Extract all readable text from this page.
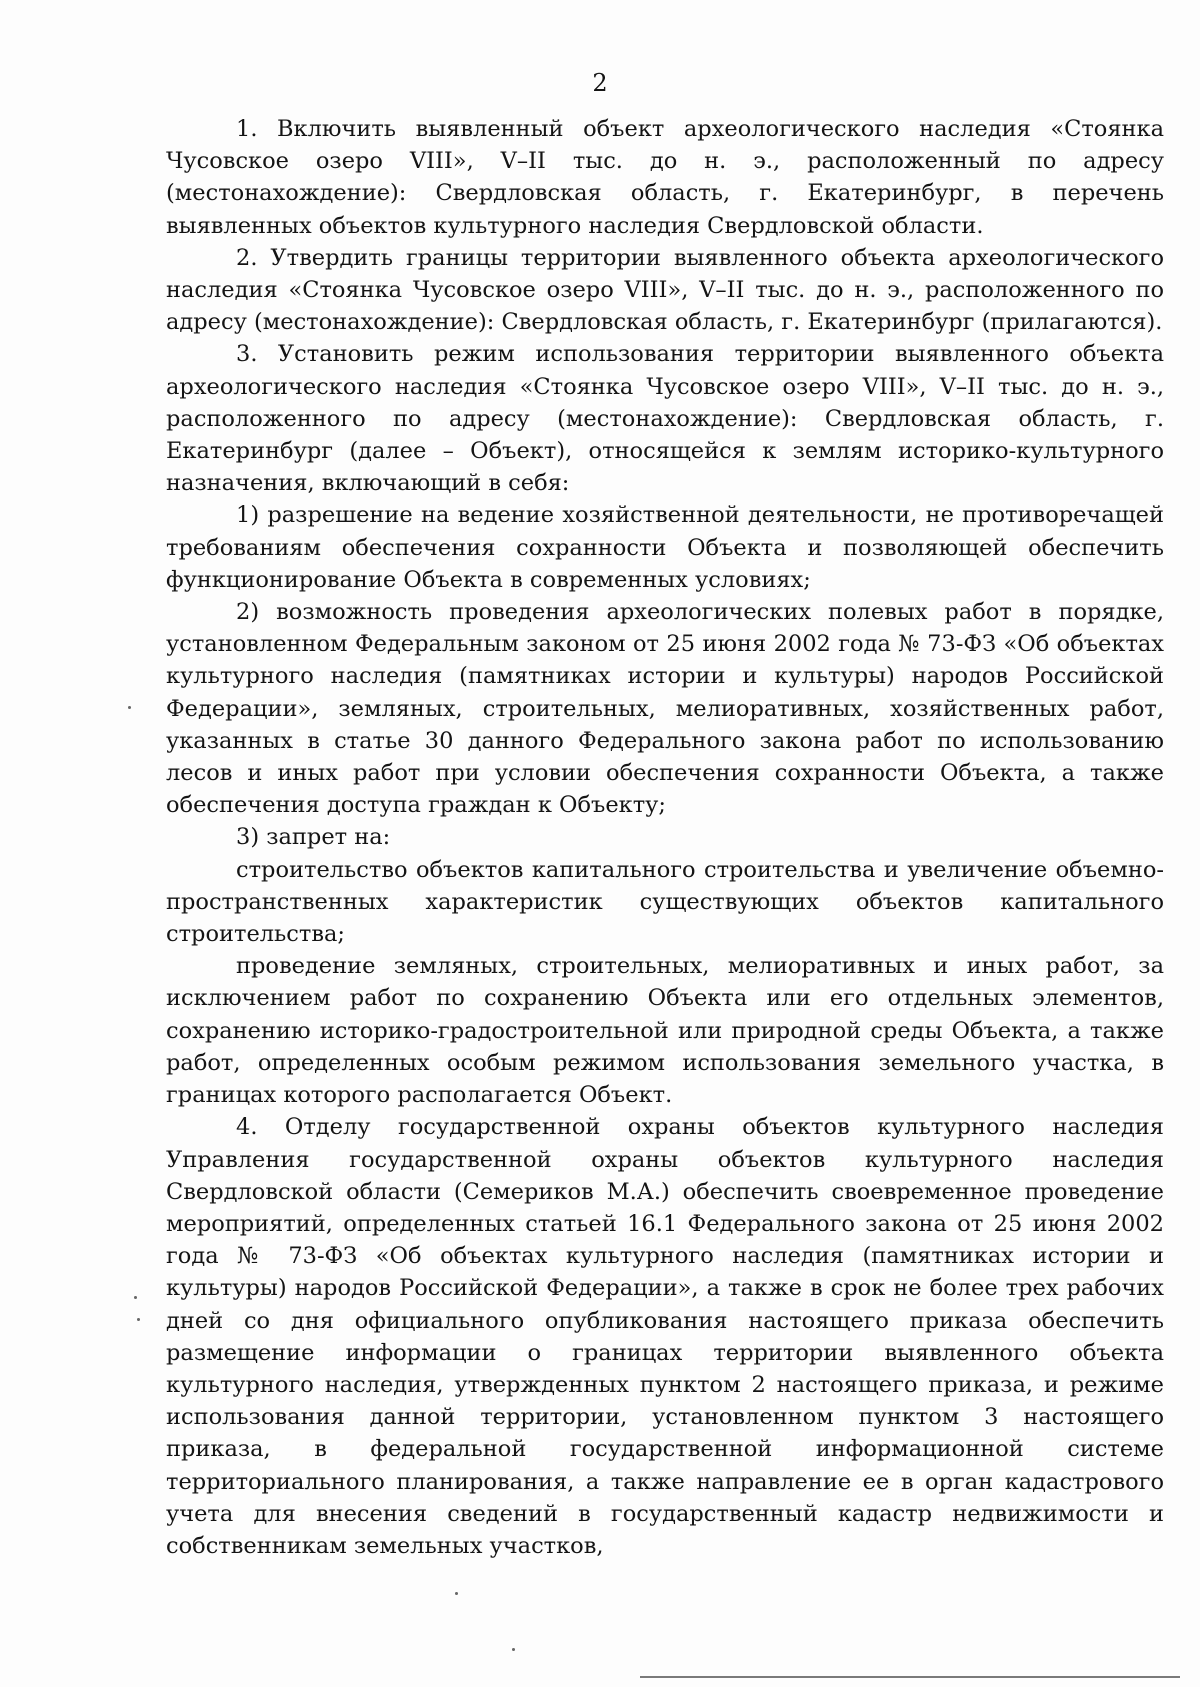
2

1. Включить выявленный объект археологического наследия «Стоянка Чусовское озеро VIII», V–II тыс. до н. э., расположенный по адресу (местонахождение): Свердловская область, г. Екатеринбург, в перечень выявленных объектов культурного наследия Свердловской области.

2. Утвердить границы территории выявленного объекта археологического наследия «Стоянка Чусовское озеро VIII», V–II тыс. до н. э., расположенного по адресу (местонахождение): Свердловская область, г. Екатеринбург (прилагаются).

3. Установить режим использования территории выявленного объекта археологического наследия «Стоянка Чусовское озеро VIII», V–II тыс. до н. э., расположенного по адресу (местонахождение): Свердловская область, г. Екатеринбург (далее – Объект), относящейся к землям историко-культурного назначения, включающий в себя:

1) разрешение на ведение хозяйственной деятельности, не противоречащей требованиям обеспечения сохранности Объекта и позволяющей обеспечить функционирование Объекта в современных условиях;

2) возможность проведения археологических полевых работ в порядке, установленном Федеральным законом от 25 июня 2002 года № 73-ФЗ «Об объектах культурного наследия (памятниках истории и культуры) народов Российской Федерации», земляных, строительных, мелиоративных, хозяйственных работ, указанных в статье 30 данного Федерального закона работ по использованию лесов и иных работ при условии обеспечения сохранности Объекта, а также обеспечения доступа граждан к Объекту;

3) запрет на:

строительство объектов капитального строительства и увеличение объемно-пространственных характеристик существующих объектов капитального строительства;

проведение земляных, строительных, мелиоративных и иных работ, за исключением работ по сохранению Объекта или его отдельных элементов, сохранению историко-градостроительной или природной среды Объекта, а также работ, определенных особым режимом использования земельного участка, в границах которого располагается Объект.

4. Отделу государственной охраны объектов культурного наследия Управления государственной охраны объектов культурного наследия Свердловской области (Семериков М.А.) обеспечить своевременное проведение мероприятий, определенных статьей 16.1 Федерального закона от 25 июня 2002 года № 73-ФЗ «Об объектах культурного наследия (памятниках истории и культуры) народов Российской Федерации», а также в срок не более трех рабочих дней со дня официального опубликования настоящего приказа обеспечить размещение информации о границах территории выявленного объекта культурного наследия, утвержденных пунктом 2 настоящего приказа, и режиме использования данной территории, установленном пунктом 3 настоящего приказа, в федеральной государственной информационной системе территориального планирования, а также направление ее в орган кадастрового учета для внесения сведений в государственный кадастр недвижимости и собственникам земельных участков,
